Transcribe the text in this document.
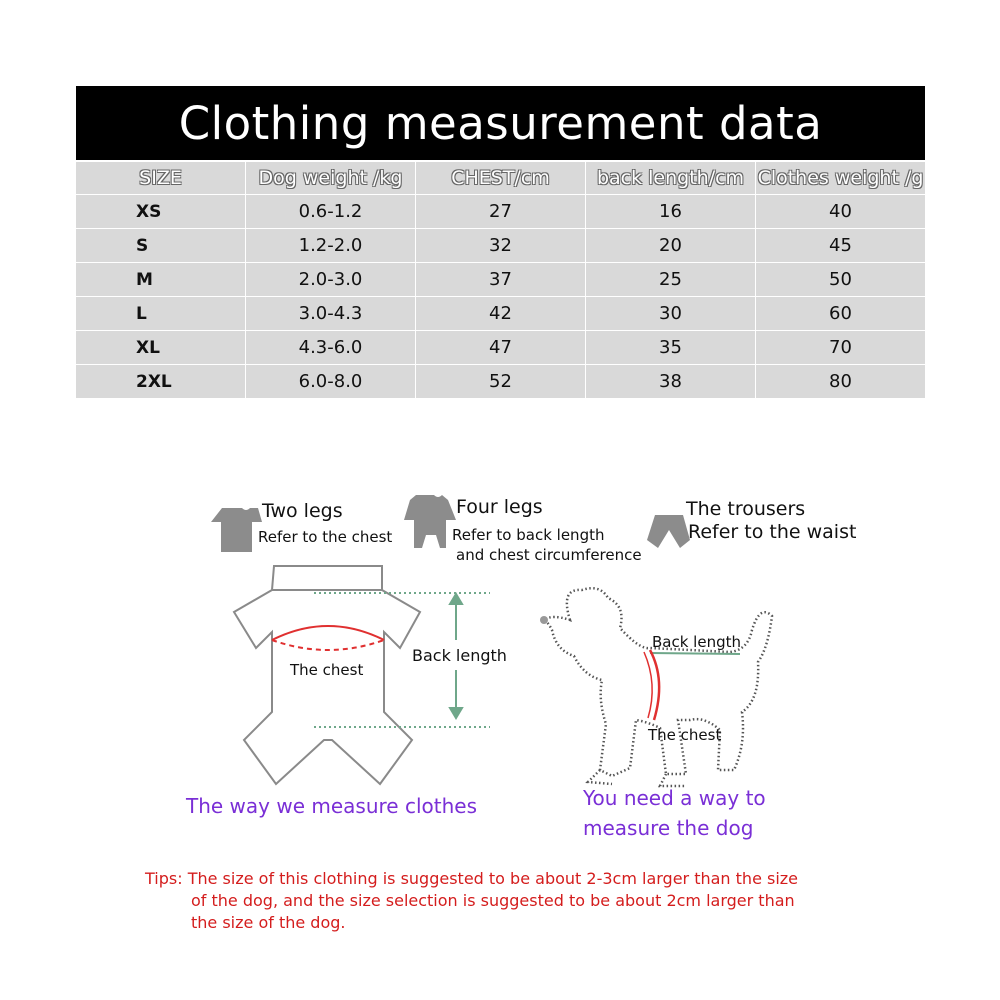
Clothing measurement data
SIZE	Dog weight /kg	CHEST/cm	back length/cm	Clothes weight /g
XS	0.6-1.2	27	16	40
S	1.2-2.0	32	20	45
M	2.0-3.0	37	25	50
L	3.0-4.3	42	30	60
XL	4.3-6.0	47	35	70
2XL	6.0-8.0	52	38	80
Two legs
Refer to the chest
Four legs
Refer to back length
and chest circumference
The trousers
Refer to the waist
The chest
Back length
The way we measure clothes
Back length
The chest
You need a way to
measure the dog
Tips: The size of this clothing is suggested to be about 2-3cm larger than the size
of the dog, and the size selection is suggested to be about 2cm larger than
the size of the dog.
